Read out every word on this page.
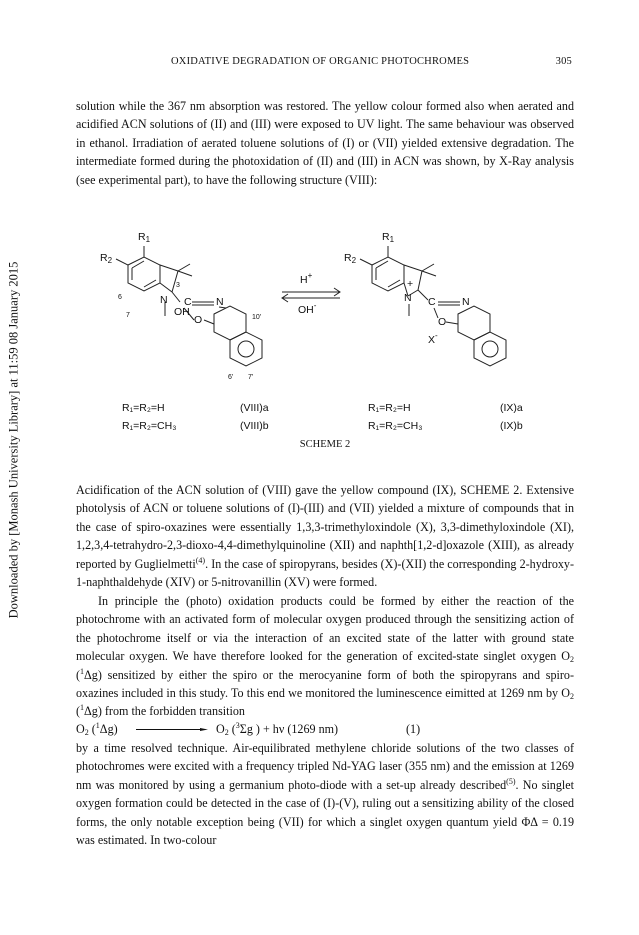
OXIDATIVE DEGRADATION OF ORGANIC PHOTOCHROMES	305
Downloaded by [Monash University Library] at 11:59 08 January 2015

solution while the 367 nm absorption was restored. The yellow colour formed also when aerated and acidified ACN solutions of (II) and (III) were exposed to UV light. The same behaviour was observed in ethanol. Irradiation of aerated toluene solutions of (I) or (VII) yielded extensive degradation. The intermediate formed during the photoxidation of (II) and (III) in ACN was shown, by X-Ray analysis (see experimental part), to have the following structure (VIII):

$R_1$
$R_2$
3
6
7
N
OH
C N
O	10'
6' 7'
H+
OH-
$R_1$
$R_2$
+
N C	N
O
X-
R₁=R₂=H	(VIII)a	R₁=R₂=H	(IX)a
R₁=R₂=CH₃	(VIII)b	R₁=R₂=CH₃	(IX)b
SCHEME 2

Acidification of the ACN solution of (VIII) gave the yellow compound (IX), SCHEME 2. Extensive photolysis of ACN or toluene solutions of (I)-(III) and (VII) yielded a mixture of compounds that in the case of spiro-oxazines were essentially 1,3,3-trimethyloxindole (X), 3,3-dimethyloxindole (XI), 1,2,3,4-tetrahydro-2,3-dioxo-4,4-dimethylquinoline (XII) and naphth[1,2-d]oxazole (XIII), as already reported by Guglielmetti$^{(4)}$. In the case of spiropyrans, besides (X)-(XII) the corresponding 2-hydroxy-1-naphthaldehyde (XIV) or 5-nitrovanillin (XV) were formed.

In principle the (photo) oxidation products could be formed by either the reaction of the photochrome with an activated form of molecular oxygen produced through the sensitizing action of the photochrome itself or via the interaction of an excited state of the latter with ground state molecular oxygen. We have therefore looked for the generation of excited-state singlet oxygen $O_2$ ($^1$Δg) sensitized by either the spiro or the merocyanine form of both the spiropyrans and spiro-oxazines included in this study. To this end we monitored the luminescence eimitted at 1269 nm by $O_2$ ($^1$Δg) from the forbidden transition

$O_2$ ($^1$Δg)	$O_2$ ($^3$Σg ) + hν (1269 nm)	(1)

by a time resolved technique. Air-equilibrated methylene chloride solutions of the two classes of photochromes were excited with a frequency tripled Nd-YAG laser (355 nm) and the emission at 1269 nm was monitored by using a germanium photo-diode with a set-up already described$^{(5)}$. No singlet oxygen formation could be detected in the case of (I)-(V), ruling out a sensitizing ability of the closed forms, the only notable exception being (VII) for which a singlet oxygen quantum yield ΦΔ = 0.19 was estimated. In two-colour
